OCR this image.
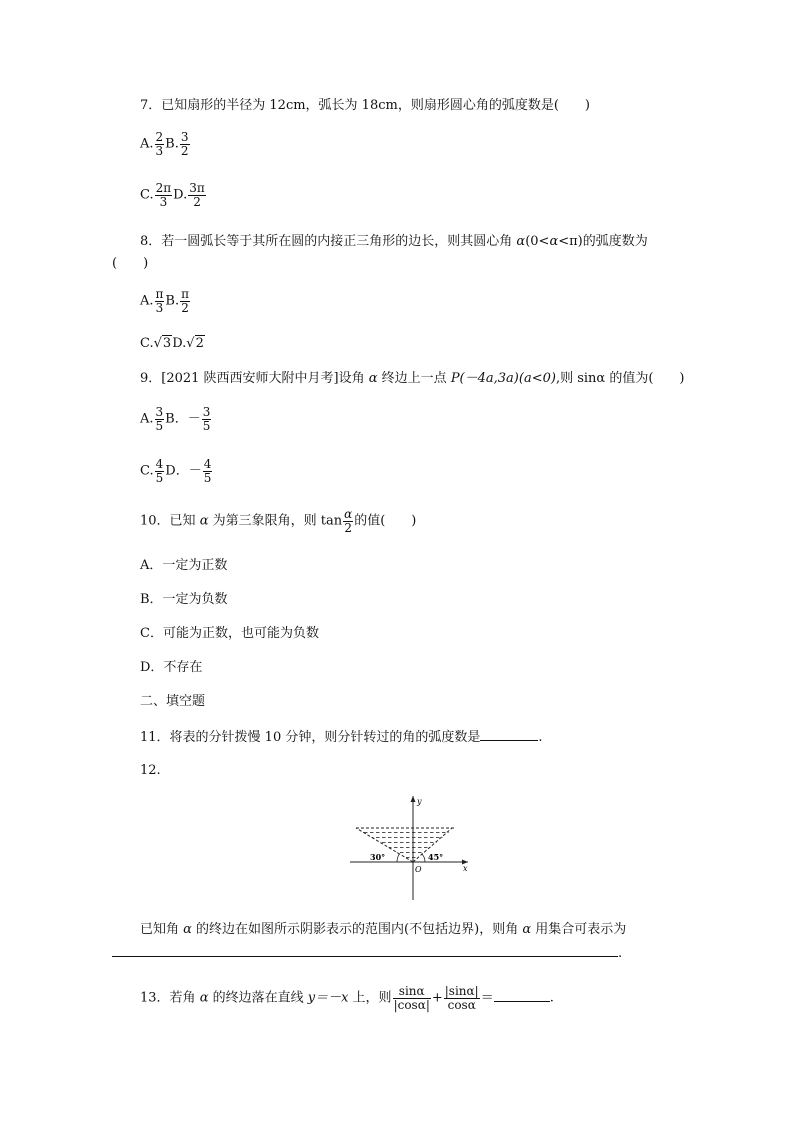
7．已知扇形的半径为 12cm，弧长为 18cm，则扇形圆心角的弧度数是(　　)
A. $\frac{2}{3} B$. $\frac{3}{2}$
C. $\frac{2\pi}{3} D$. $\frac{3\pi}{2}$
8．若一圆弧长等于其所在圆的内接正三角形的边长，则其圆心角 α(0<α<π)的弧度数为
(　　)
A. $\frac{\pi}{3} B$. $\frac{\pi}{2}$
C.√3D.√2
9．[2021 陕西西安师大附中月考]设角 α 终边上一点 P(－4a,3a)(a<0),则 sinα 的值为(　　)
A. $\frac{3}{5}$ B．－ $\frac{3}{5}$
C. $\frac{4}{5}$ D．－ $\frac{4}{5}$
10．已知 α 为第三象限角，则 $\tan \frac{\alpha}{2}$ 的值(　　)
A．一定为正数
B．一定为负数
C．可能为正数，也可能为负数
D．不存在
二、填空题
11．将表的分针拨慢 10 分钟，则分针转过的角的弧度数是	.
12.
y
x
O
30°	45°
已知角 α 的终边在如图所示阴影表示的范围内(不包括边界)，则角 α 用集合可表示为
.
13．若角 α 的终边落在直线 y＝－x 上，则 $\frac{\sin\alpha}{|\cos\alpha|} + \frac{|\sin\alpha|}{\cos\alpha}$ ＝	.
